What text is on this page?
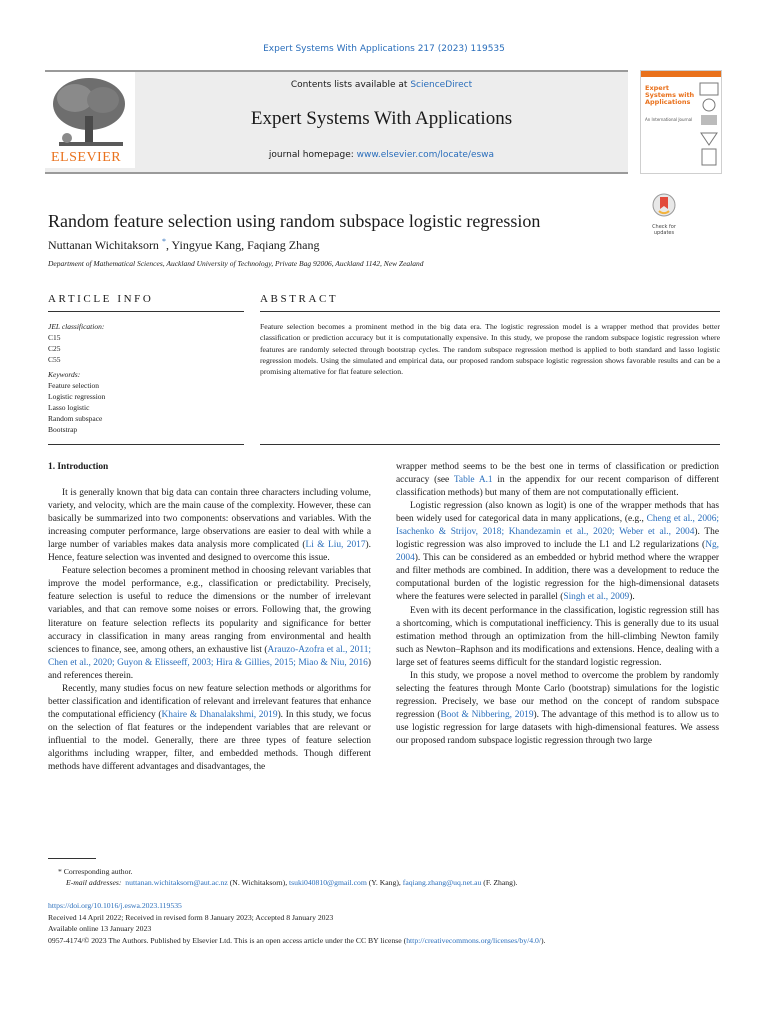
Expert Systems With Applications 217 (2023) 119535
ELSEVIER
Contents lists available at ScienceDirect
Expert Systems With Applications
journal homepage: www.elsevier.com/locate/eswa
Expert Systems with Applications
An International Journal
Random feature selection using random subspace logistic regression	Check for updates
Nuttanan Wichitaksorn *, Yingyue Kang, Faqiang Zhang
Department of Mathematical Sciences, Auckland University of Technology, Private Bag 92006, Auckland 1142, New Zealand
ARTICLE INFO	ABSTRACT
JEL classification:
C15
C25
C55
Keywords:
Feature selection
Logistic regression
Lasso logistic
Random subspace
Bootstrap
Feature selection becomes a prominent method in the big data era. The logistic regression model is a wrapper method that provides better classification or prediction accuracy but it is computationally expensive. In this study, we propose the random subspace logistic regression where features are randomly selected through bootstrap cycles. The random subspace regression method is applied to both standard and lasso logistic regression models. Using the simulated and empirical data, our proposed random subspace logistic regression shows favorable results and can be a promising alternative for flat feature selection.
1. Introduction

It is generally known that big data can contain three characters including volume, variety, and velocity, which are the main cause of the complexity. However, these can basically be summarized into two components: observations and variables. With the increasing computer performance, large observations are easier to deal with while a large number of variables makes data analysis more complicated (Li & Liu, 2017). Hence, feature selection was invented and designed to overcome this issue.

Feature selection becomes a prominent method in choosing relevant variables that improve the model performance, e.g., classification or predictability. Precisely, feature selection is useful to reduce the dimensions or the number of irrelevant variables, and that can remove some noises or errors. Following that, the growing literature on feature selection reflects its popularity and significance for better accuracy in classification in many areas ranging from environmental and health sciences to finance, see, among others, an exhaustive list (Arauzo-Azofra et al., 2011; Chen et al., 2020; Guyon & Elisseeff, 2003; Hira & Gillies, 2015; Miao & Niu, 2016) and references therein.

Recently, many studies focus on new feature selection methods or algorithms for better classification and identification of relevant and irrelevant features that enhance the computational efficiency (Khaire & Dhanalakshmi, 2019). In this study, we focus on the selection of flat features or the independent variables that are relevant or influential to the model. Generally, there are three types of feature selection algorithms including wrapper, filter, and embedded methods. Though different methods have different advantages and disadvantages, the

wrapper method seems to be the best one in terms of classification or prediction accuracy (see Table A.1 in the appendix for our recent comparison of different classification methods) but many of them are not computationally efficient.

Logistic regression (also known as logit) is one of the wrapper methods that has been widely used for categorical data in many applications, (e.g., Cheng et al., 2006; Isachenko & Strijov, 2018; Khandezamin et al., 2020; Weber et al., 2004). The logistic regression was also improved to include the L1 and L2 regularizations (Ng, 2004). This can be considered as an embedded or hybrid method where the wrapper and filter methods are combined. In addition, there was a development to reduce the computational burden of the logistic regression for the high-dimensional datasets where the features were selected in parallel (Singh et al., 2009).

Even with its decent performance in the classification, logistic regression still has a shortcoming, which is computational inefficiency. This is generally due to its usual estimation method through an optimization from the hill-climbing Newton family such as Newton–Raphson and its modifications and extensions. Hence, dealing with a large set of features seems difficult for the standard logistic regression.

In this study, we propose a novel method to overcome the problem by randomly selecting the features through Monte Carlo (bootstrap) simulations for the logistic regression. Precisely, we base our method on the concept of random subspace regression (Boot & Nibbering, 2019). The advantage of this method is to allow us to use logistic regression for large datasets with high-dimensional features. We assess our proposed random subspace logistic regression through two large

* Corresponding author.
E-mail addresses: nuttanan.wichitaksorn@aut.ac.nz (N. Wichitaksorn), tsuki040810@gmail.com (Y. Kang), faqiang.zhang@uq.net.au (F. Zhang).
https://doi.org/10.1016/j.eswa.2023.119535
Received 14 April 2022; Received in revised form 8 January 2023; Accepted 8 January 2023
Available online 13 January 2023
0957-4174/© 2023 The Authors. Published by Elsevier Ltd. This is an open access article under the CC BY license (http://creativecommons.org/licenses/by/4.0/).
